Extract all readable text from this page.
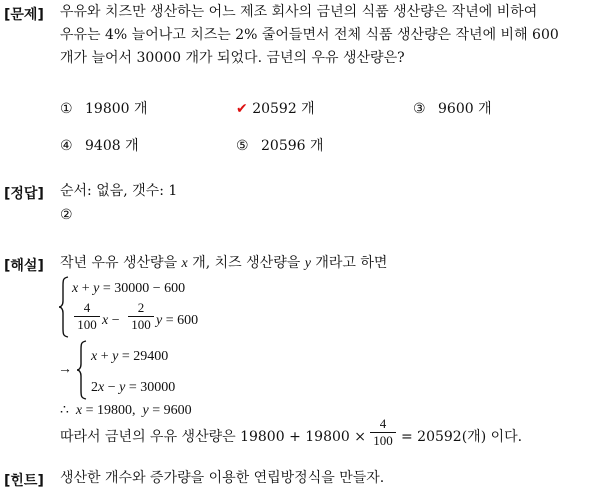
[문제] 우유와 치즈만 생산하는 어느 제조 회사의 금년의 식품 생산량은 작년에 비하여
우유는 4% 늘어나고 치즈는 2% 줄어들면서 전체 식품 생산량은 작년에 비해 600
개가 늘어서 30000 개가 되었다. 금년의 우유 생산량은?
① 19800 개	✔ 20592 개	③ 9600 개
④ 9408 개	⑤ 20596 개
[정답] 순서: 없음, 갯수: 1
②
[해설] 작년 우유 생산량을 x 개, 치즈 생산량을 y 개라고 하면
x + y = 30000 − 600
4
100 x −
2
100 y = 600
→
x + y = 29400
2x − y = 30000
∴  x = 19800,  y = 9600
따라서 금년의 우유 생산량은 19800 + 19800 ×
4
100 = 20592(개) 이다.
[힌트] 생산한 개수와 증가량을 이용한 연립방정식을 만들자.
